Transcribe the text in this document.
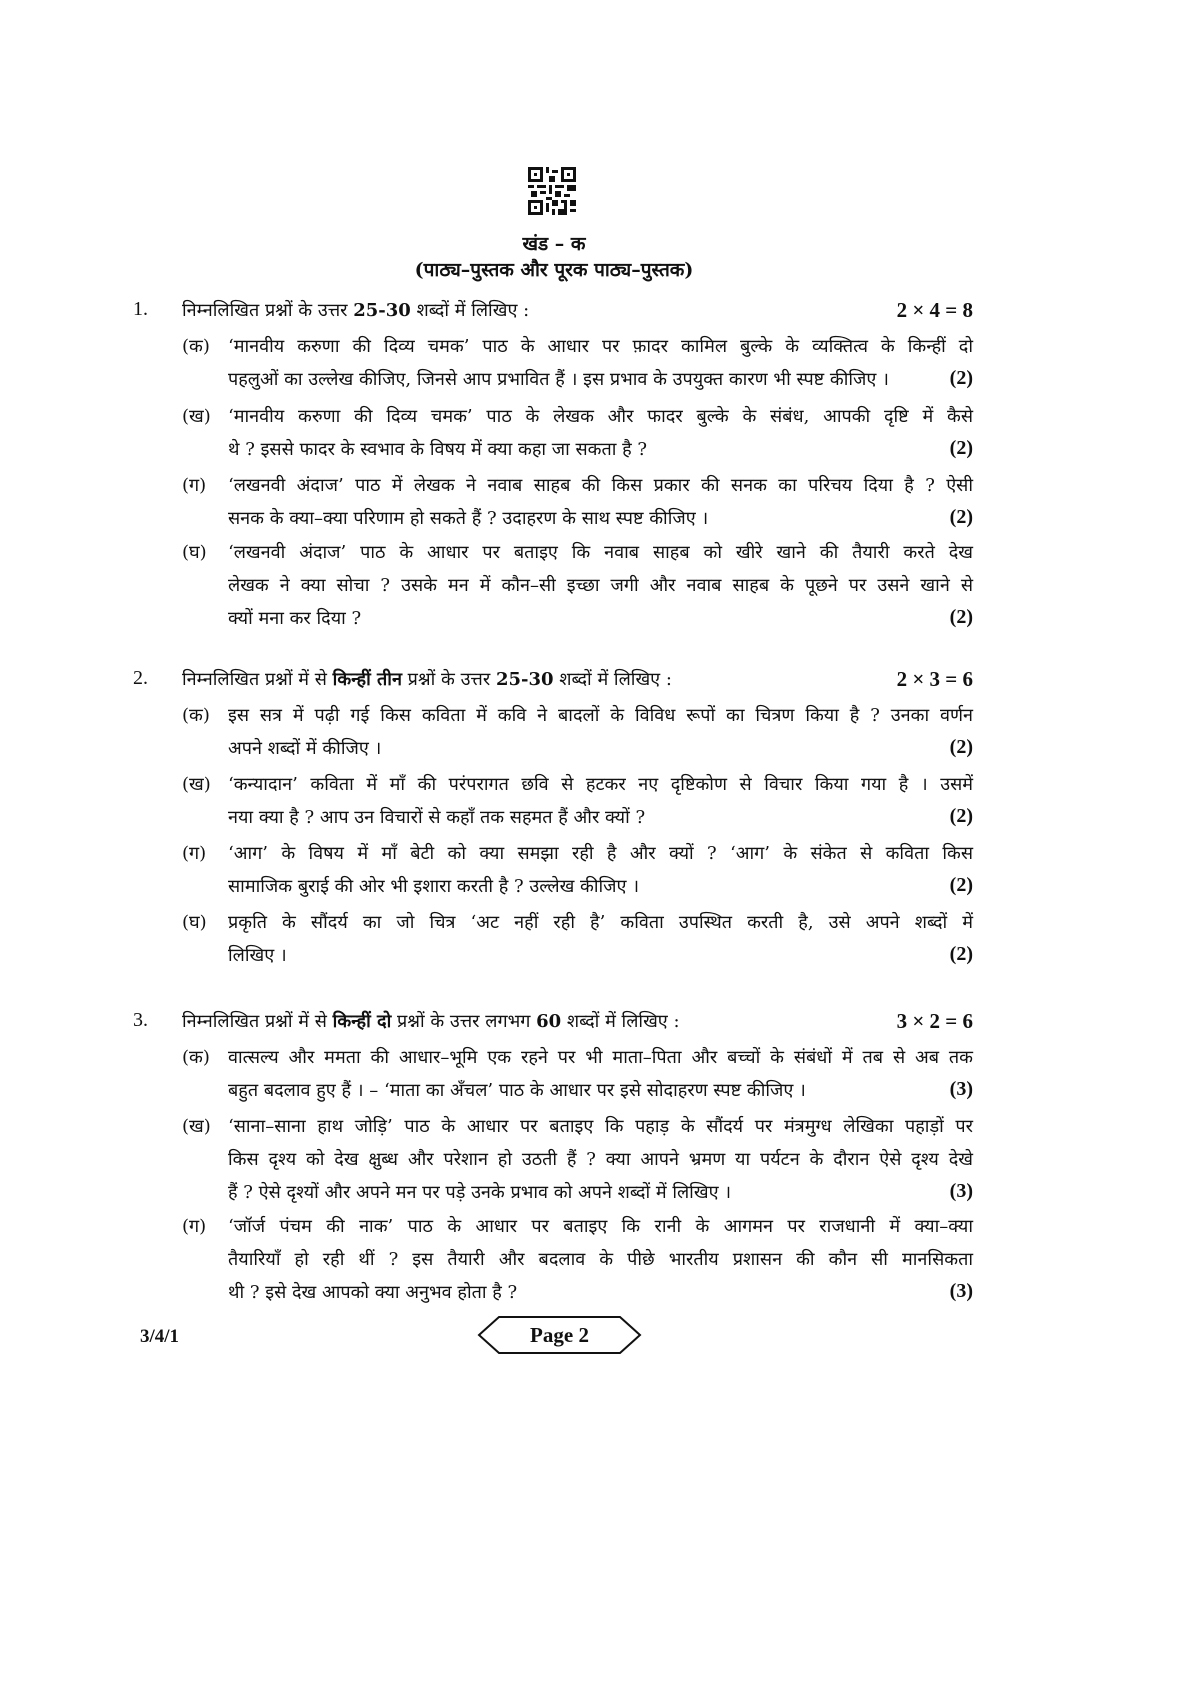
खंड – क
(पाठ्य–पुस्तक और पूरक पाठ्य–पुस्तक)
1. निम्नलिखित प्रश्नों के उत्तर 25-30 शब्दों में लिखिए :	2 × 4 = 8
(क) ‘मानवीय करुणा की दिव्य चमक’ पाठ के आधार पर फ़ादर कामिल बुल्के के व्यक्तित्व के किन्हीं दो
पहलुओं का उल्लेख कीजिए, जिनसे आप प्रभावित हैं । इस प्रभाव के उपयुक्त कारण भी स्पष्ट कीजिए ।	(2)
(ख) ‘मानवीय करुणा की दिव्य चमक’ पाठ के लेखक और फादर बुल्के के संबंध, आपकी दृष्टि में कैसे
थे ? इससे फादर के स्वभाव के विषय में क्या कहा जा सकता है ?	(2)
(ग) ‘लखनवी अंदाज’ पाठ में लेखक ने नवाब साहब की किस प्रकार की सनक का परिचय दिया है ? ऐसी
सनक के क्या–क्या परिणाम हो सकते हैं ? उदाहरण के साथ स्पष्ट कीजिए ।	(2)
(घ) ‘लखनवी अंदाज’ पाठ के आधार पर बताइए कि नवाब साहब को खीरे खाने की तैयारी करते देख
लेखक ने क्या सोचा ? उसके मन में कौन–सी इच्छा जगी और नवाब साहब के पूछने पर उसने खाने से
क्यों मना कर दिया ?	(2)
2. निम्नलिखित प्रश्नों में से किन्हीं तीन प्रश्नों के उत्तर 25-30 शब्दों में लिखिए :	2 × 3 = 6
(क) इस सत्र में पढ़ी गई किस कविता में कवि ने बादलों के विविध रूपों का चित्रण किया है ? उनका वर्णन
अपने शब्दों में कीजिए ।	(2)
(ख) ‘कन्यादान’ कविता में माँ की परंपरागत छवि से हटकर नए दृष्टिकोण से विचार किया गया है । उसमें
नया क्या है ? आप उन विचारों से कहाँ तक सहमत हैं और क्यों ?	(2)
(ग) ‘आग’ के विषय में माँ बेटी को क्या समझा रही है और क्यों ? ‘आग’ के संकेत से कविता किस
सामाजिक बुराई की ओर भी इशारा करती है ? उल्लेख कीजिए ।	(2)
(घ) प्रकृति के सौंदर्य का जो चित्र ‘अट नहीं रही है’ कविता उपस्थित करती है, उसे अपने शब्दों में
लिखिए ।	(2)
3. निम्नलिखित प्रश्नों में से किन्हीं दो प्रश्नों के उत्तर लगभग 60 शब्दों में लिखिए :	3 × 2 = 6
(क) वात्सल्य और ममता की आधार–भूमि एक रहने पर भी माता–पिता और बच्चों के संबंधों में तब से अब तक
बहुत बदलाव हुए हैं । – ‘माता का अँचल’ पाठ के आधार पर इसे सोदाहरण स्पष्ट कीजिए ।	(3)
(ख) ‘साना–साना हाथ जोड़ि’ पाठ के आधार पर बताइए कि पहाड़ के सौंदर्य पर मंत्रमुग्ध लेखिका पहाड़ों पर
किस दृश्य को देख क्षुब्ध और परेशान हो उठती हैं ? क्या आपने भ्रमण या पर्यटन के दौरान ऐसे दृश्य देखे
हैं ? ऐसे दृश्यों और अपने मन पर पड़े उनके प्रभाव को अपने शब्दों में लिखिए ।	(3)
(ग) ‘जॉर्ज पंचम की नाक’ पाठ के आधार पर बताइए कि रानी के आगमन पर राजधानी में क्या–क्या
तैयारियाँ हो रही थीं ? इस तैयारी और बदलाव के पीछे भारतीय प्रशासन की कौन सी मानसिकता
थी ? इसे देख आपको क्या अनुभव होता है ?	(3)
3/4/1	Page 2
